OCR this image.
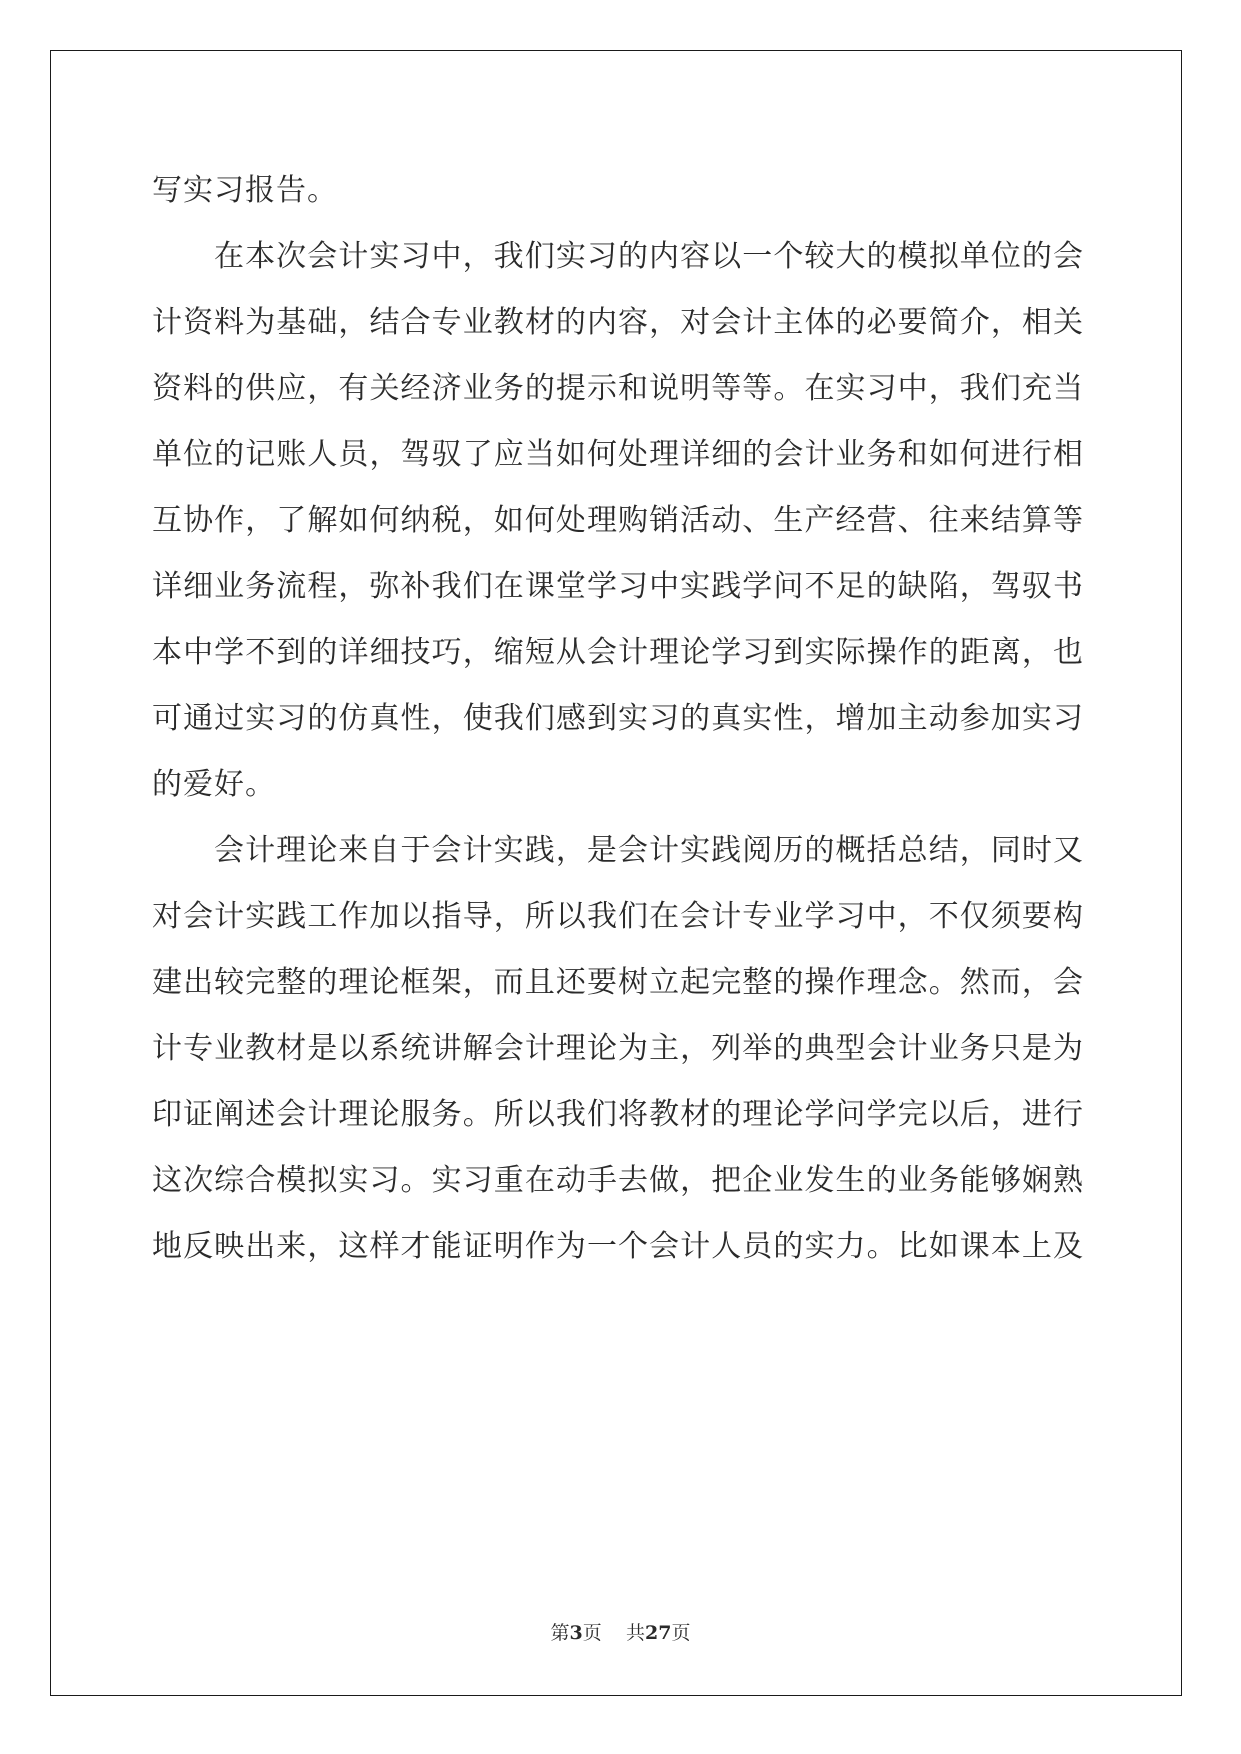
写实习报告。
在本次会计实习中，我们实习的内容以一个较大的模拟单位的会
计资料为基础，结合专业教材的内容，对会计主体的必要简介，相关
资料的供应，有关经济业务的提示和说明等等。在实习中，我们充当
单位的记账人员，驾驭了应当如何处理详细的会计业务和如何进行相
互协作，了解如何纳税，如何处理购销活动、生产经营、往来结算等
详细业务流程，弥补我们在课堂学习中实践学问不足的缺陷，驾驭书
本中学不到的详细技巧，缩短从会计理论学习到实际操作的距离，也
可通过实习的仿真性，使我们感到实习的真实性，增加主动参加实习
的爱好。
会计理论来自于会计实践，是会计实践阅历的概括总结，同时又
对会计实践工作加以指导，所以我们在会计专业学习中，不仅须要构
建出较完整的理论框架，而且还要树立起完整的操作理念。然而，会
计专业教材是以系统讲解会计理论为主，列举的典型会计业务只是为
印证阐述会计理论服务。所以我们将教材的理论学问学完以后，进行
这次综合模拟实习。实习重在动手去做，把企业发生的业务能够娴熟
地反映出来，这样才能证明作为一个会计人员的实力。比如课本上及
第3页 共27页
